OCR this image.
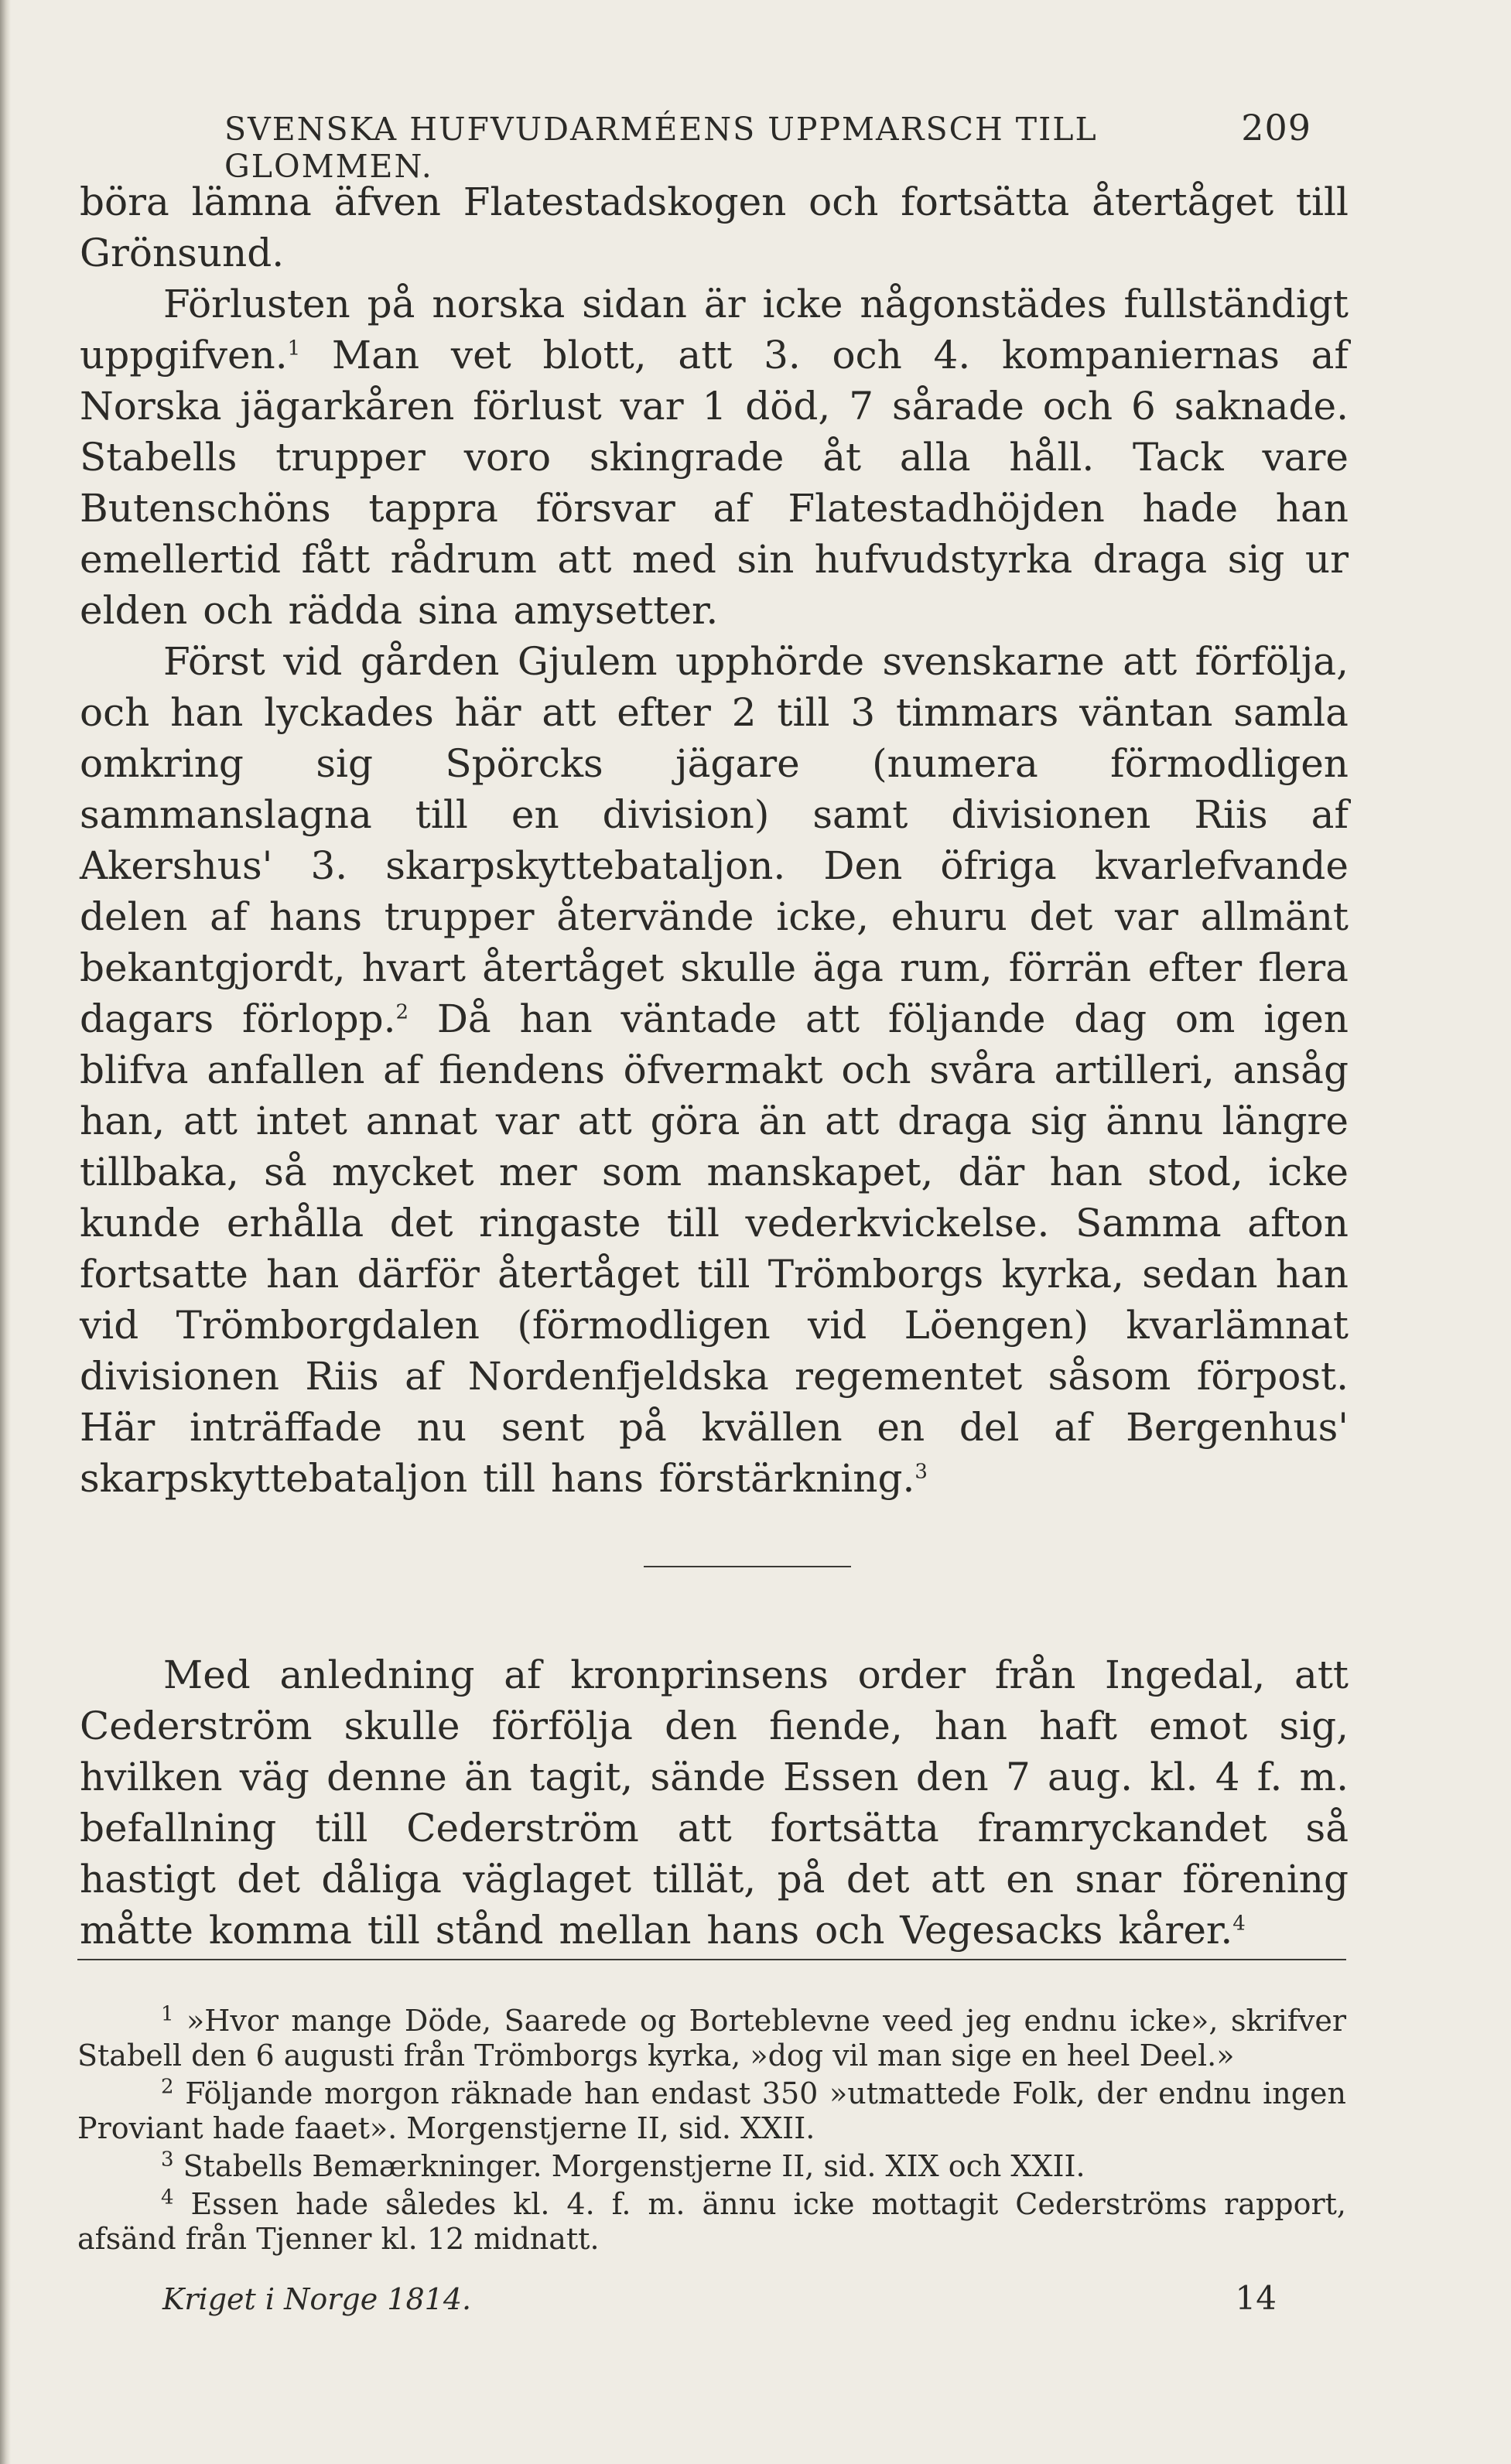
SVENSKA HUFVUDARMÉENS UPPMARSCH TILL GLOMMEN.
209

böra lämna äfven Flatestadskogen och fortsätta återtåget till Grönsund.

Förlusten på norska sidan är icke någonstädes fullständigt uppgifven.$^1$ Man vet blott, att 3. och 4. kompaniernas af Norska jägarkåren förlust var 1 död, 7 sårade och 6 saknade. Stabells trupper voro skingrade åt alla håll. Tack vare Butenschöns tappra försvar af Flatestadhöjden hade han emellertid fått rådrum att med sin hufvudstyrka draga sig ur elden och rädda sina amysetter.

Först vid gården Gjulem upphörde svenskarne att förfölja, och han lyckades här att efter 2 till 3 timmars väntan samla omkring sig Spörcks jägare (numera förmodligen sammanslagna till en division) samt divisionen Riis af Akershus' 3. skarpskyttebataljon. Den öfriga kvarlefvande delen af hans trupper återvände icke, ehuru det var allmänt bekantgjordt, hvart återtåget skulle äga rum, förrän efter flera dagars förlopp.$^2$ Då han väntade att följande dag om igen blifva anfallen af fiendens öfvermakt och svåra artilleri, ansåg han, att intet annat var att göra än att draga sig ännu längre tillbaka, så mycket mer som manskapet, där han stod, icke kunde erhålla det ringaste till vederkvickelse. Samma afton fortsatte han därför återtåget till Trömborgs kyrka, sedan han vid Trömborgdalen (förmodligen vid Löengen) kvarlämnat divisionen Riis af Nordenfjeldska regementet såsom förpost. Här inträffade nu sent på kvällen en del af Bergenhus' skarpskyttebataljon till hans förstärkning.$^3$

Med anledning af kronprinsens order från Ingedal, att Cederström skulle förfölja den fiende, han haft emot sig, hvilken väg denne än tagit, sände Essen den 7 aug. kl. 4 f. m. befallning till Cederström att fortsätta framryckandet så hastigt det dåliga väglaget tillät, på det att en snar förening måtte komma till stånd mellan hans och Vegesacks kårer.$^4$

$^1$ »Hvor mange Döde, Saarede og Borteblevne veed jeg endnu icke», skrifver Stabell den 6 augusti från Trömborgs kyrka, »dog vil man sige en heel Deel.»

$^2$ Följande morgon räknade han endast 350 »utmattede Folk, der endnu ingen Proviant hade faaet». Morgenstjerne II, sid. XXII.

$^3$ Stabells Bemærkninger. Morgenstjerne II, sid. XIX och XXII.

$^4$ Essen hade således kl. 4. f. m. ännu icke mottagit Cederströms rapport, afsänd från Tjenner kl. 12 midnatt.

Kriget i Norge 1814.	14
